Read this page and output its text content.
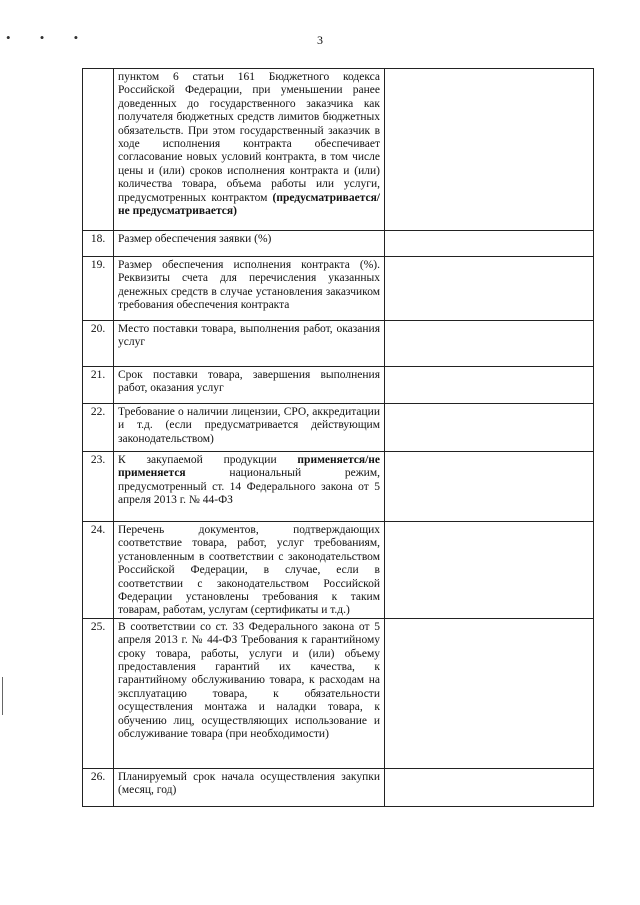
• • •	3
	пунктом 6 статьи 161 Бюджетного кодекса Российской Федерации, при уменьшении ранее доведенных до государственного заказчика как получателя бюджетных средств лимитов бюджетных обязательств. При этом государственный заказчик в ходе исполнения контракта обеспечивает согласование новых условий контракта, в том числе цены и (или) сроков исполнения контракта и (или) количества товара, объема работы или услуги, предусмотренных контрактом (предусматривается/не предусматривается)	
18.	Размер обеспечения заявки (%)	
19.	Размер обеспечения исполнения контракта (%). Реквизиты счета для перечисления указанных денежных средств в случае установления заказчиком требования обеспечения контракта	
20.	Место поставки товара, выполнения работ, оказания услуг	
21.	Срок поставки товара, завершения выполнения работ, оказания услуг	
22.	Требование о наличии лицензии, СРО, аккредитации и т.д. (если предусматривается действующим законодательством)	
23.	К закупаемой продукции применяется/не применяется национальный режим, предусмотренный ст. 14 Федерального закона от 5 апреля 2013 г. № 44-ФЗ	
24.	Перечень документов, подтверждающих соответствие товара, работ, услуг требованиям, установленным в соответствии с законодательством Российской Федерации, в случае, если в соответствии с законодательством Российской Федерации установлены требования к таким товарам, работам, услугам (сертификаты и т.д.)	
25.	В соответствии со ст. 33 Федерального закона от 5 апреля 2013 г. № 44-ФЗ Требования к гарантийному сроку товара, работы, услуги и (или) объему предоставления гарантий их качества, к гарантийному обслуживанию товара, к расходам на эксплуатацию товара, к обязательности осуществления монтажа и наладки товара, к обучению лиц, осуществляющих использование и обслуживание товара (при необходимости)	
26.	Планируемый срок начала осуществления закупки (месяц, год)	
